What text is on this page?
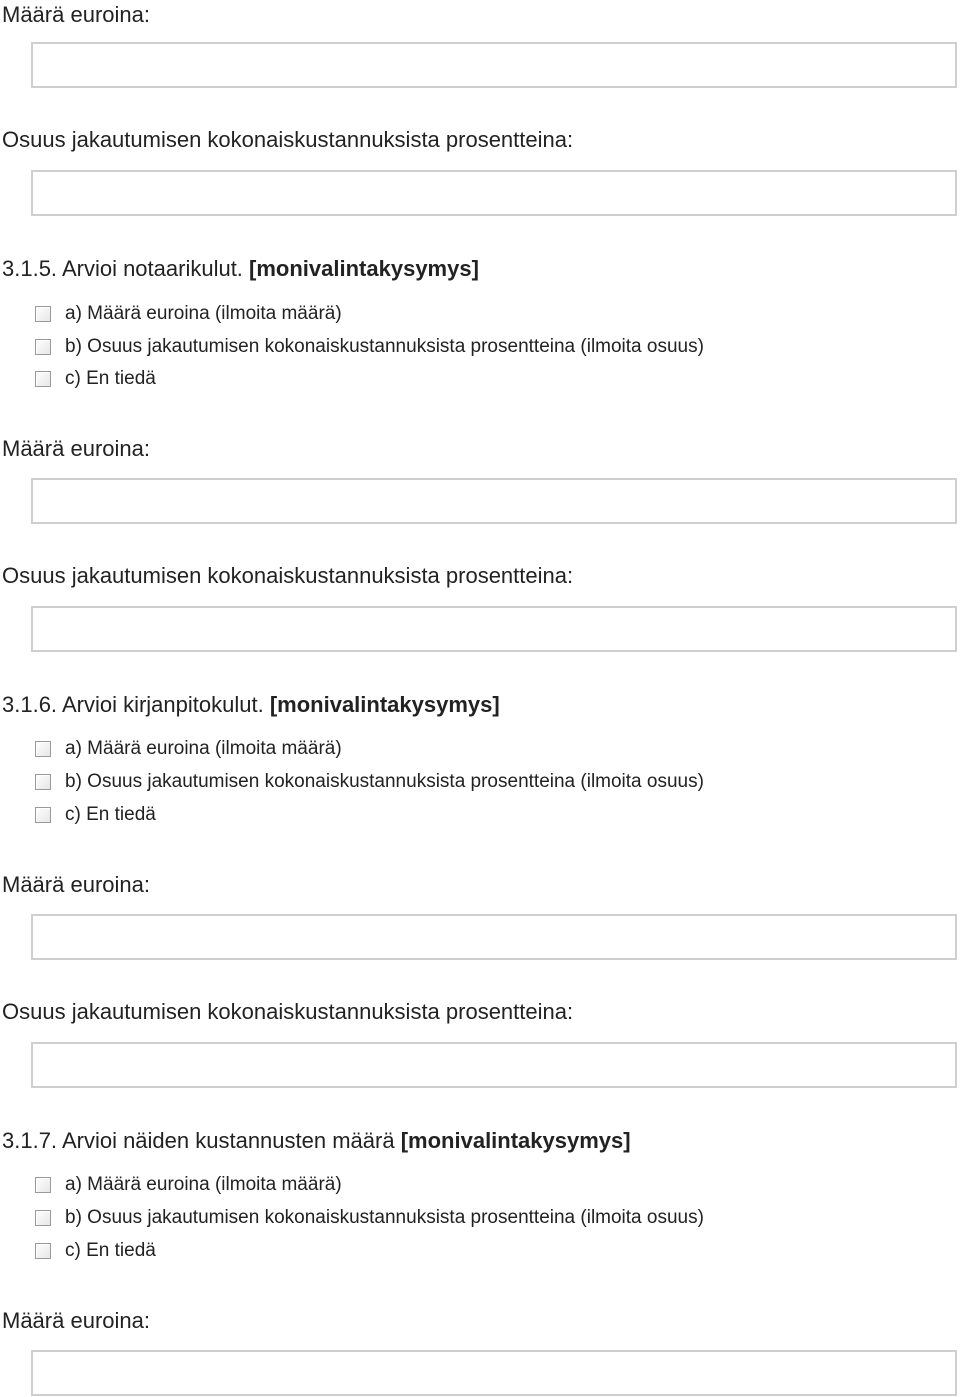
Määrä euroina:
Osuus jakautumisen kokonaiskustannuksista prosentteina:
3.1.5. Arvioi notaarikulut. [monivalintakysymys]
a) Määrä euroina (ilmoita määrä)
b) Osuus jakautumisen kokonaiskustannuksista prosentteina (ilmoita osuus)
c) En tiedä
Määrä euroina:
Osuus jakautumisen kokonaiskustannuksista prosentteina:
3.1.6. Arvioi kirjanpitokulut. [monivalintakysymys]
a) Määrä euroina (ilmoita määrä)
b) Osuus jakautumisen kokonaiskustannuksista prosentteina (ilmoita osuus)
c) En tiedä
Määrä euroina:
Osuus jakautumisen kokonaiskustannuksista prosentteina:
3.1.7. Arvioi näiden kustannusten määrä [monivalintakysymys]
a) Määrä euroina (ilmoita määrä)
b) Osuus jakautumisen kokonaiskustannuksista prosentteina (ilmoita osuus)
c) En tiedä
Määrä euroina:
